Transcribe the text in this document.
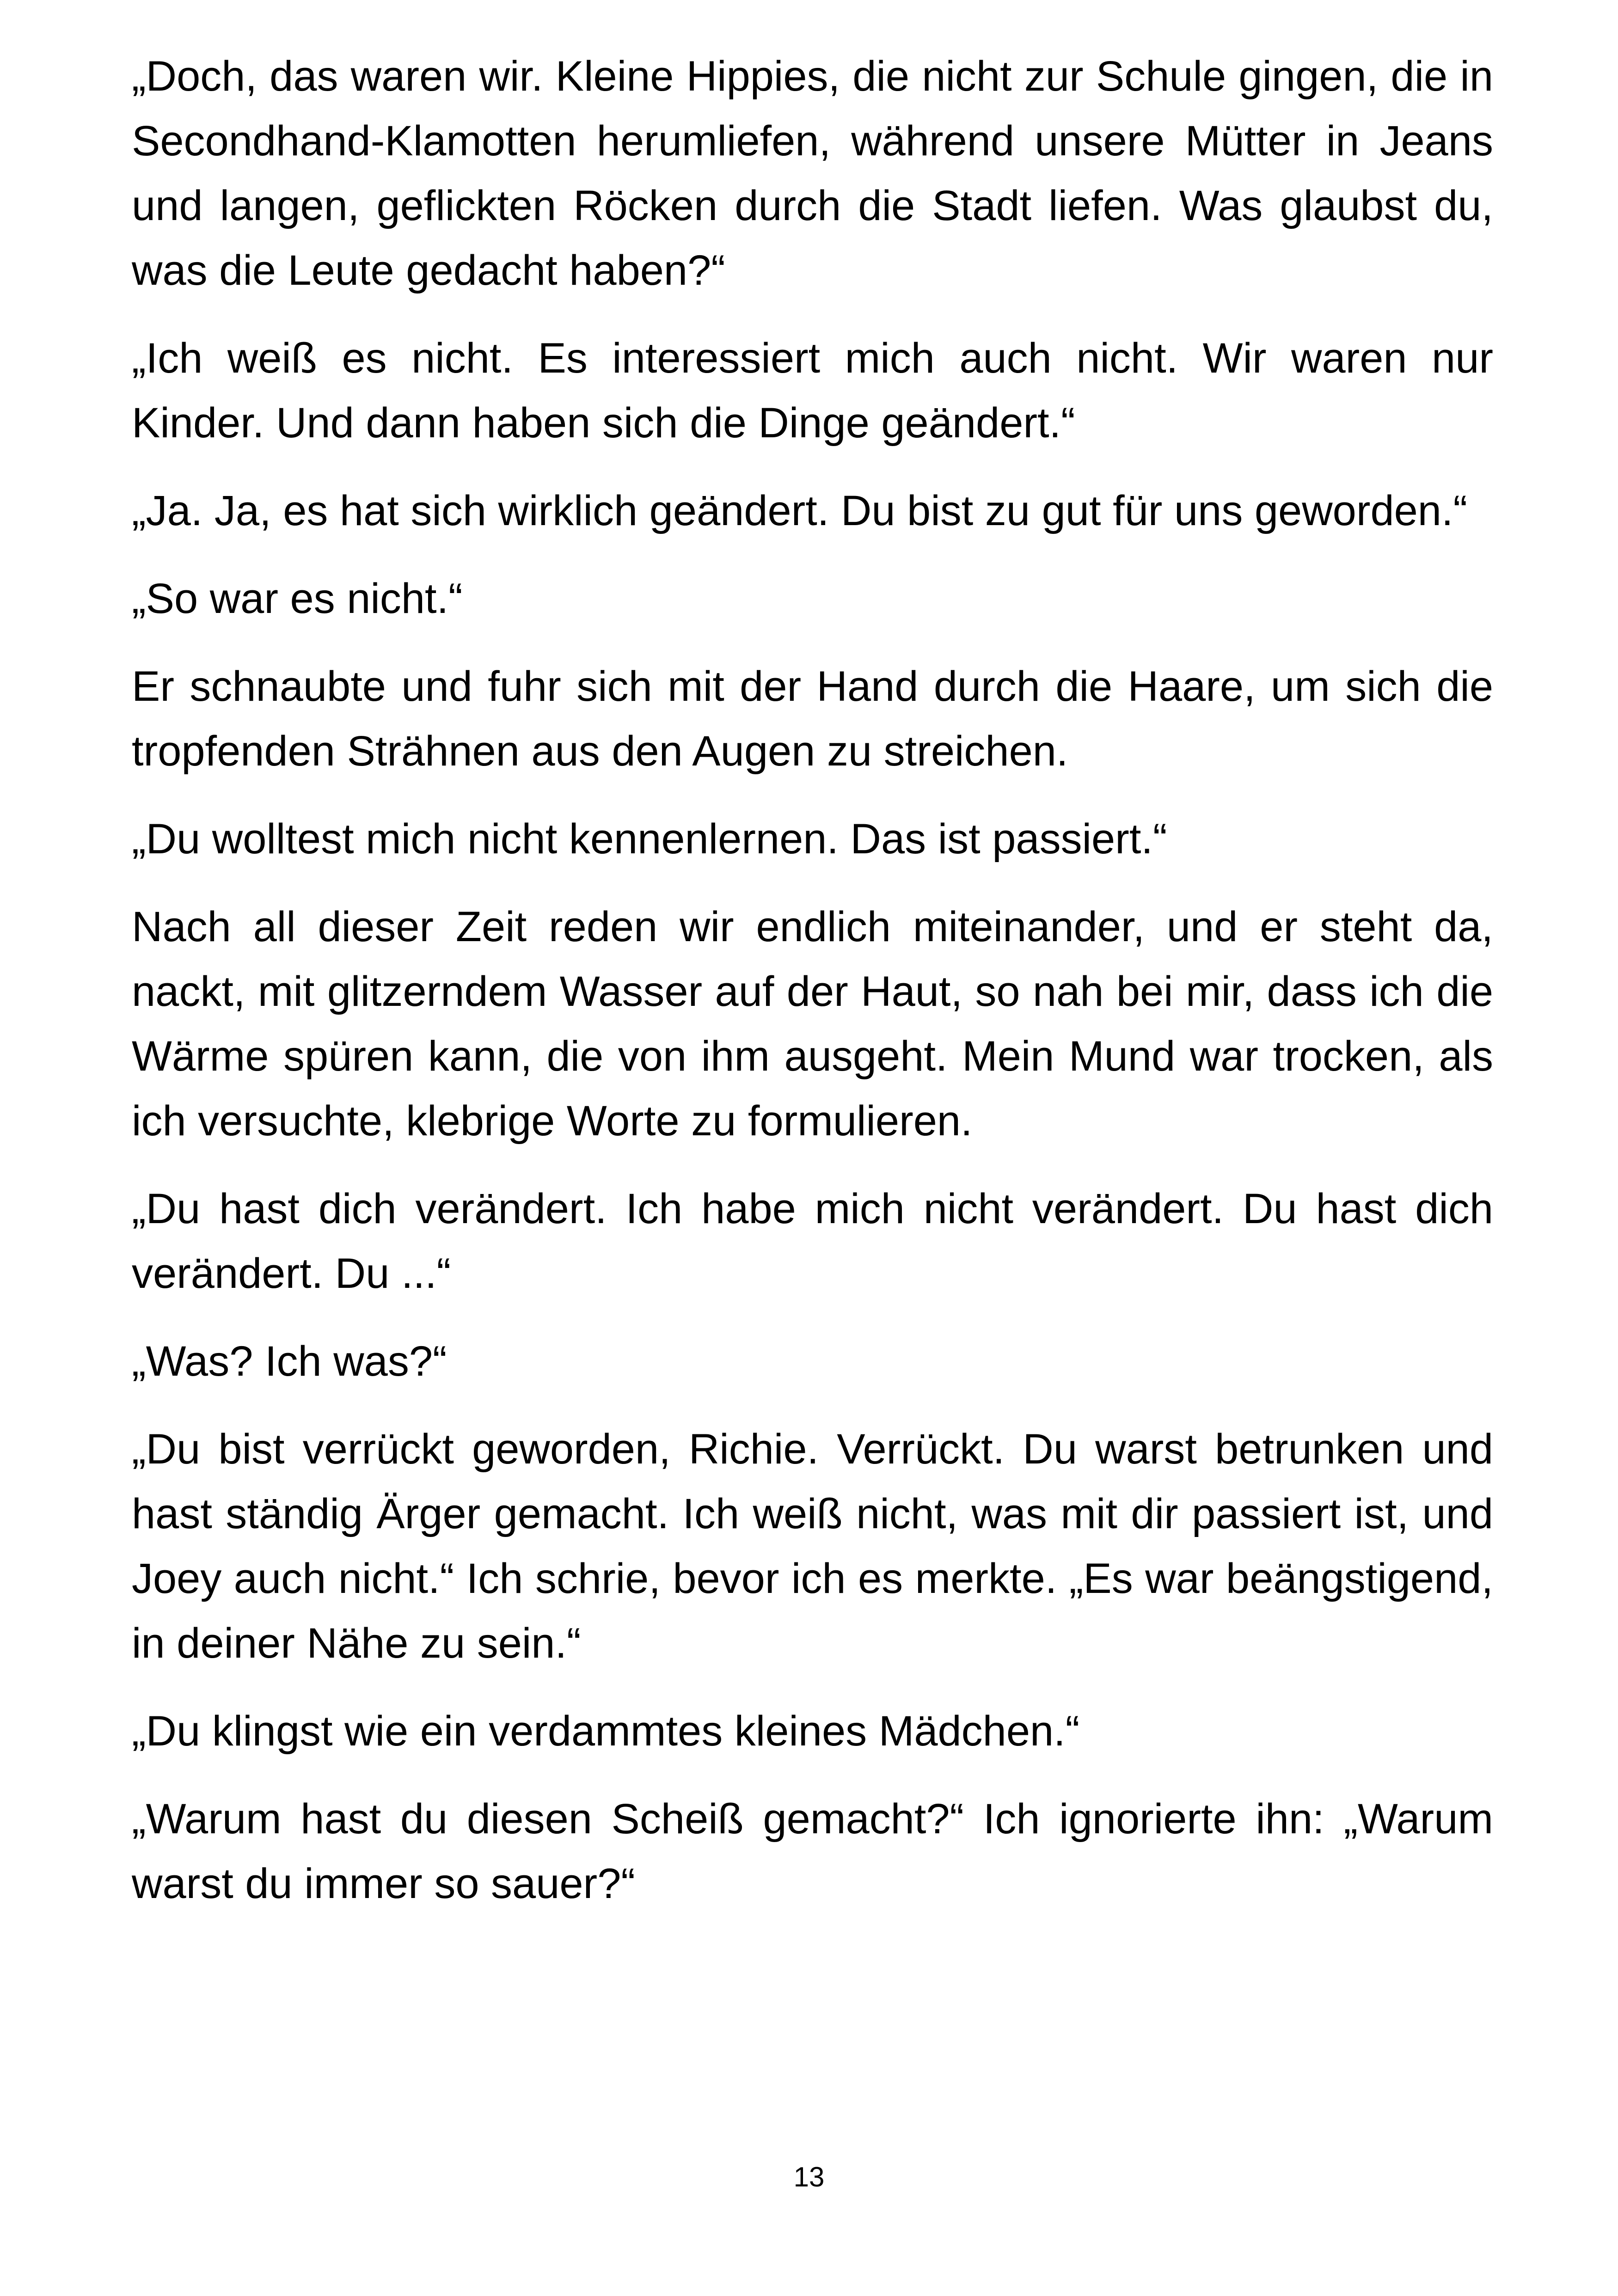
„Doch, das waren wir. Kleine Hippies, die nicht zur Schule gingen, die in Secondhand-Klamotten herumliefen, während unsere Mütter in Jeans und langen, geflickten Röcken durch die Stadt liefen. Was glaubst du, was die Leute gedacht haben?“

„Ich weiß es nicht. Es interessiert mich auch nicht. Wir waren nur Kinder. Und dann haben sich die Dinge geändert.“

„Ja. Ja, es hat sich wirklich geändert. Du bist zu gut für uns geworden.“

„So war es nicht.“

Er schnaubte und fuhr sich mit der Hand durch die Haare, um sich die tropfenden Strähnen aus den Augen zu streichen.

„Du wolltest mich nicht kennenlernen. Das ist passiert.“

Nach all dieser Zeit reden wir endlich miteinander, und er steht da, nackt, mit glitzerndem Wasser auf der Haut, so nah bei mir, dass ich die Wärme spüren kann, die von ihm ausgeht. Mein Mund war trocken, als ich versuchte, klebrige Worte zu formulieren.

„Du hast dich verändert. Ich habe mich nicht verändert. Du hast dich verändert. Du ...“

„Was? Ich was?“

„Du bist verrückt geworden, Richie. Verrückt. Du warst betrunken und hast ständig Ärger gemacht. Ich weiß nicht, was mit dir passiert ist, und Joey auch nicht.“ Ich schrie, bevor ich es merkte. „Es war beängstigend, in deiner Nähe zu sein.“

„Du klingst wie ein verdammtes kleines Mädchen.“

„Warum hast du diesen Scheiß gemacht?“ Ich ignorierte ihn: „Warum warst du immer so sauer?“

13
